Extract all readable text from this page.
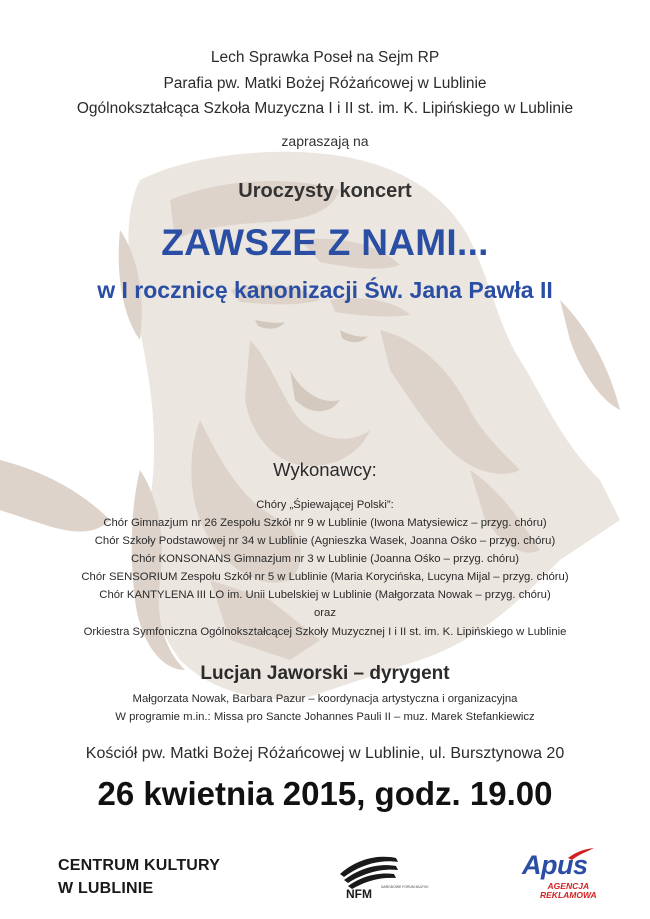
Lech Sprawka Poseł na Sejm RP
Parafia pw. Matki Bożej Różańcowej w Lublinie
Ogólnokształcąca Szkoła Muzyczna I i II st. im. K. Lipińskiego w Lublinie
zapraszają na
Uroczysty koncert
ZAWSZE Z NAMI...
w I rocznicę kanonizacji Św. Jana Pawła II
Wykonawcy:
Chóry „Śpiewającej Polski”:
Chór Gimnazjum nr 26 Zespołu Szkół nr 9 w Lublinie (Iwona Matysiewicz – przyg. chóru)
Chór Szkoły Podstawowej nr 34 w Lublinie (Agnieszka Wasek, Joanna Ośko – przyg. chóru)
Chór KONSONANS Gimnazjum nr 3 w Lublinie (Joanna Ośko – przyg. chóru)
Chór SENSORIUM Zespołu Szkół nr 5 w Lublinie (Maria Korycińska, Lucyna Mijal – przyg. chóru)
Chór KANTYLENA III LO im. Unii Lubelskiej w Lublinie (Małgorzata Nowak – przyg. chóru)
oraz
Orkiestra Symfoniczna Ogólnokształcącej Szkoły Muzycznej I i II st. im. K. Lipińskiego w Lublinie
Lucjan Jaworski – dyrygent
Małgorzata Nowak, Barbara Pazur – koordynacja artystyczna i organizacyjna
W programie m.in.: Missa pro Sancte Johannes Pauli II – muz. Marek Stefankiewicz
Kościół pw. Matki Bożej Różańcowej w Lublinie, ul. Bursztynowa 20
26 kwietnia 2015, godz. 19.00
CENTRUM KULTURY
W LUBLINIE	NFM	NARODOWE FORUM MUZYKI
Apus
AGENCJA
REKLAMOWA
